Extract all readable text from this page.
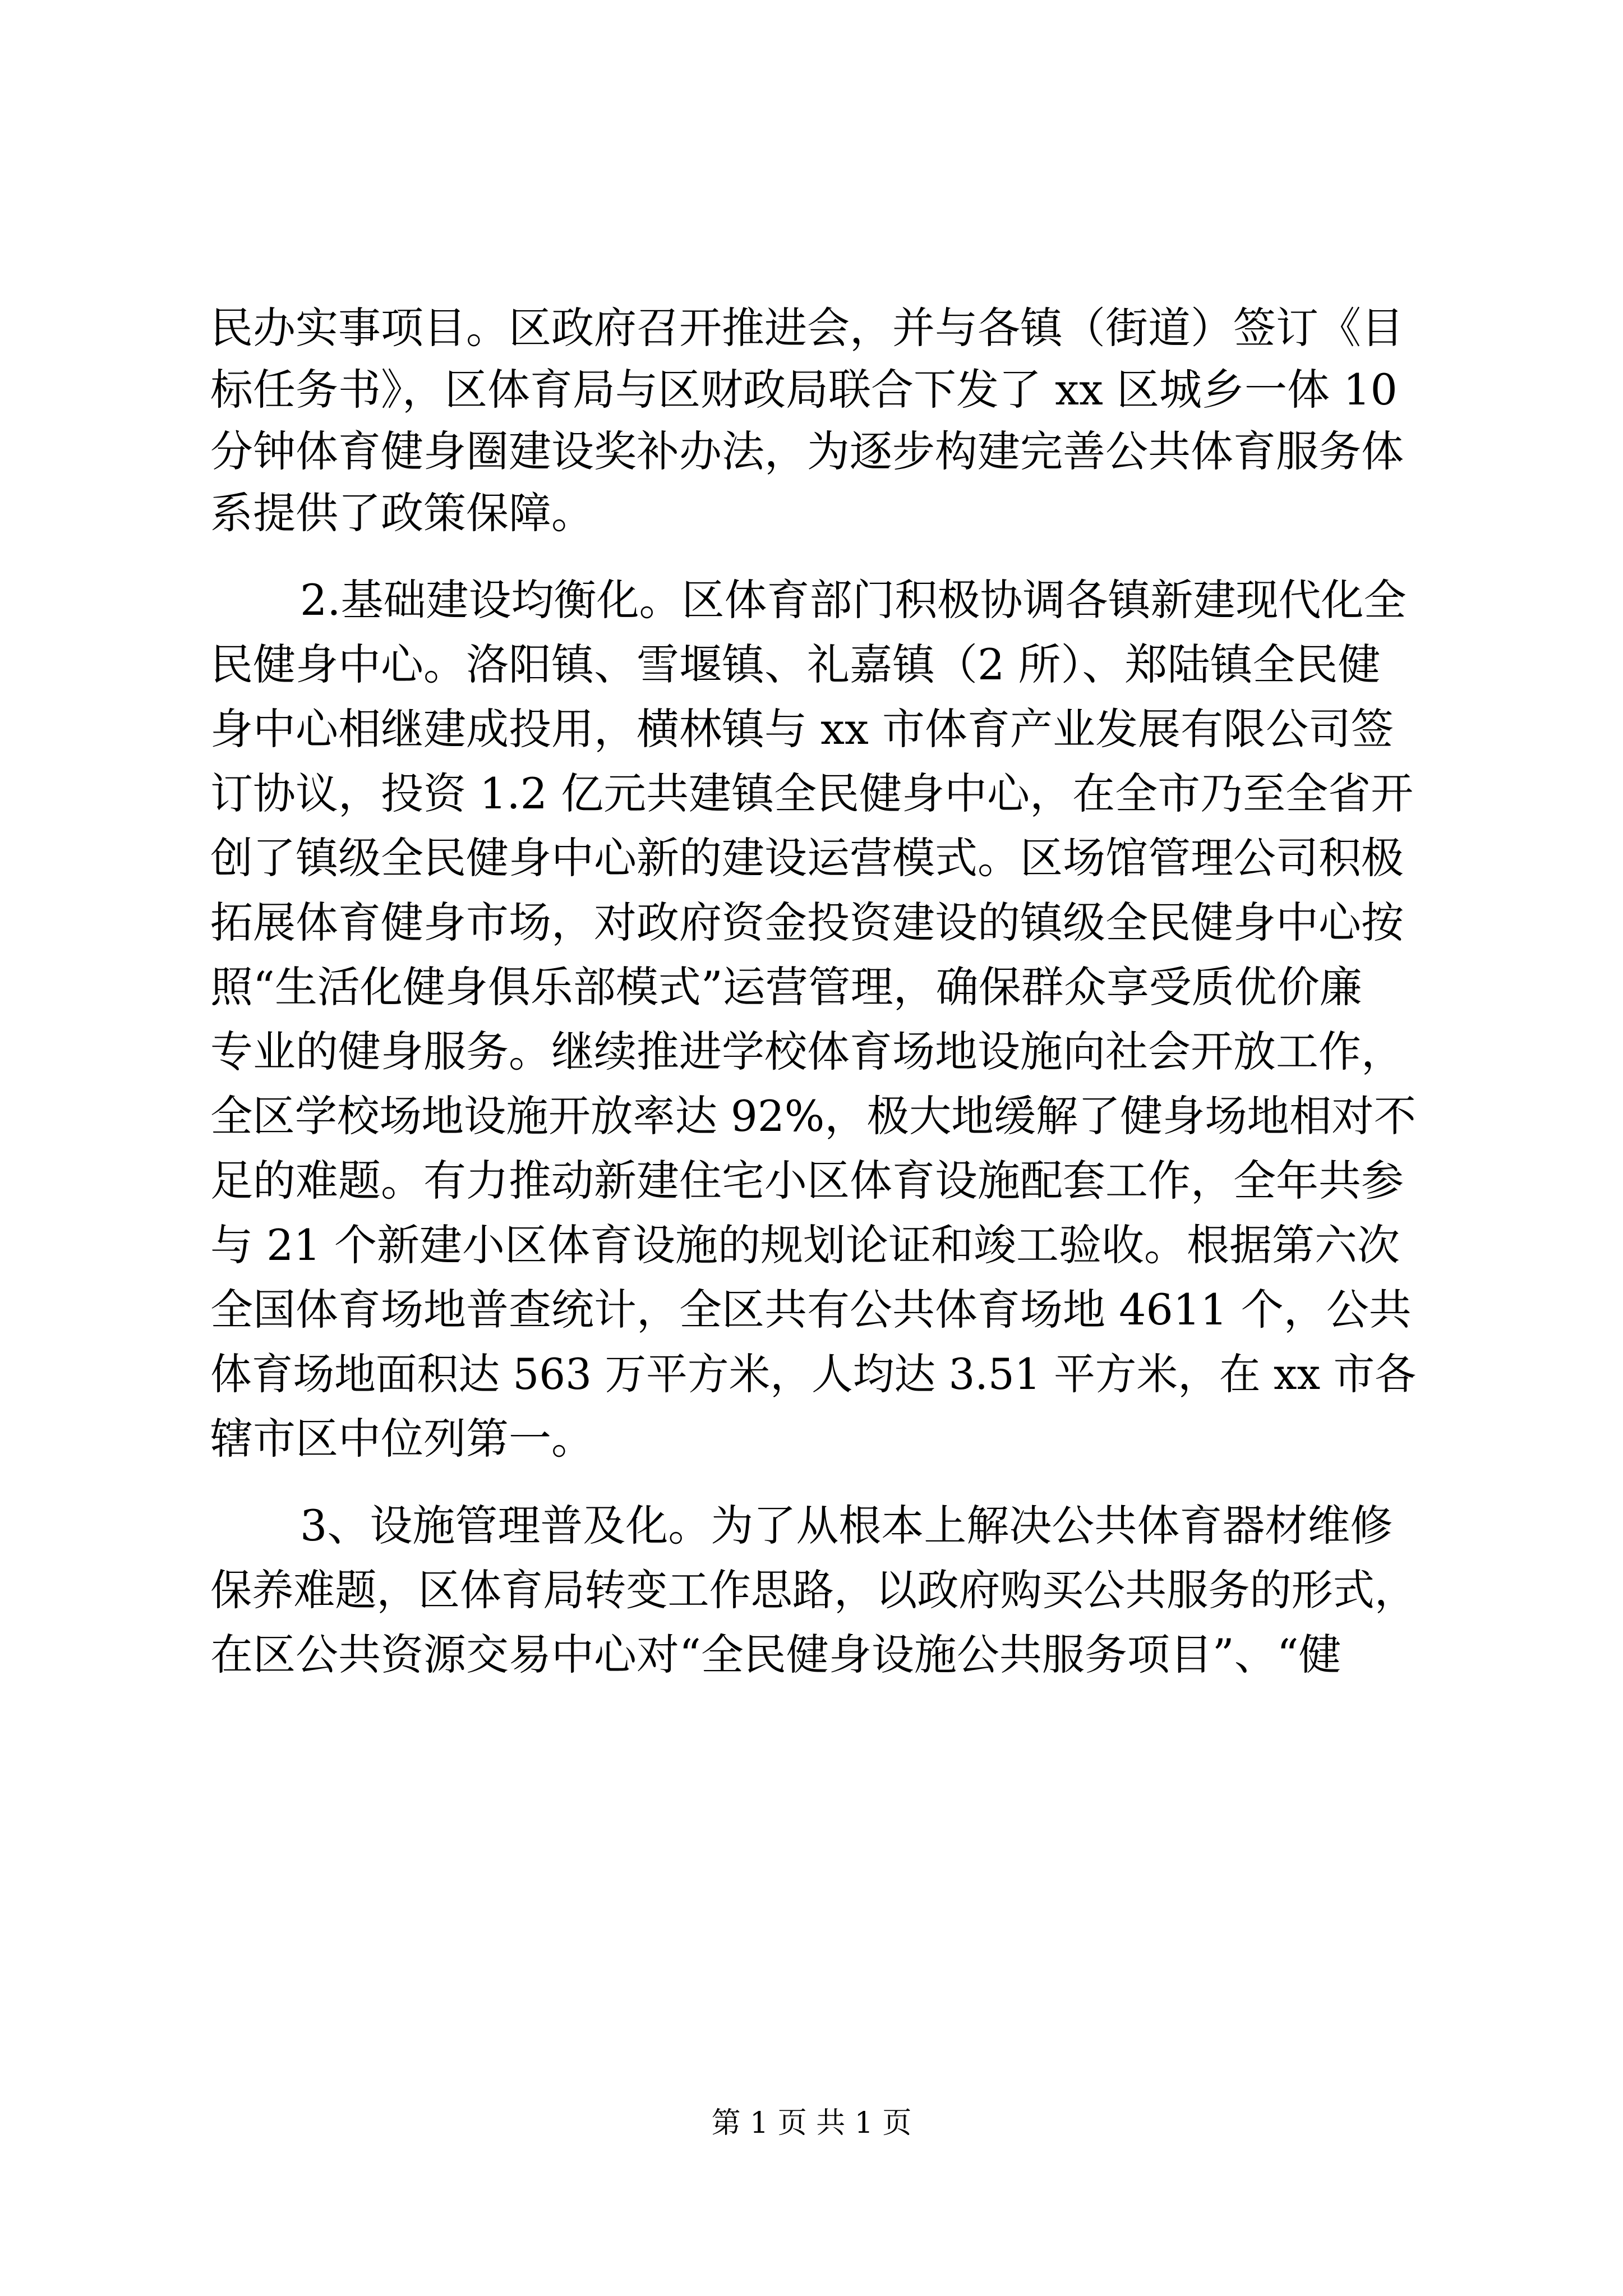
民办实事项目。区政府召开推进会，并与各镇（街道）签订《目
标任务书》，区体育局与区财政局联合下发了 xx 区城乡一体 10
分钟体育健身圈建设奖补办法，为逐步构建完善公共体育服务体
系提供了政策保障。
2.基础建设均衡化。区体育部门积极协调各镇新建现代化全
民健身中心。洛阳镇、雪堰镇、礼嘉镇（2 所）、郑陆镇全民健
身中心相继建成投用，横林镇与 xx 市体育产业发展有限公司签
订协议，投资 1.2 亿元共建镇全民健身中心，在全市乃至全省开
创了镇级全民健身中心新的建设运营模式。区场馆管理公司积极
拓展体育健身市场，对政府资金投资建设的镇级全民健身中心按
照“生活化健身俱乐部模式”运营管理，确保群众享受质优价廉
专业的健身服务。继续推进学校体育场地设施向社会开放工作，
全区学校场地设施开放率达 92%，极大地缓解了健身场地相对不
足的难题。有力推动新建住宅小区体育设施配套工作，全年共参
与 21 个新建小区体育设施的规划论证和竣工验收。根据第六次
全国体育场地普查统计，全区共有公共体育场地 4611 个，公共
体育场地面积达 563 万平方米，人均达 3.51 平方米，在 xx 市各
辖市区中位列第一。
3、设施管理普及化。为了从根本上解决公共体育器材维修
保养难题，区体育局转变工作思路，以政府购买公共服务的形式，
在区公共资源交易中心对“全民健身设施公共服务项目”、“健
第 1 页 共 1 页
